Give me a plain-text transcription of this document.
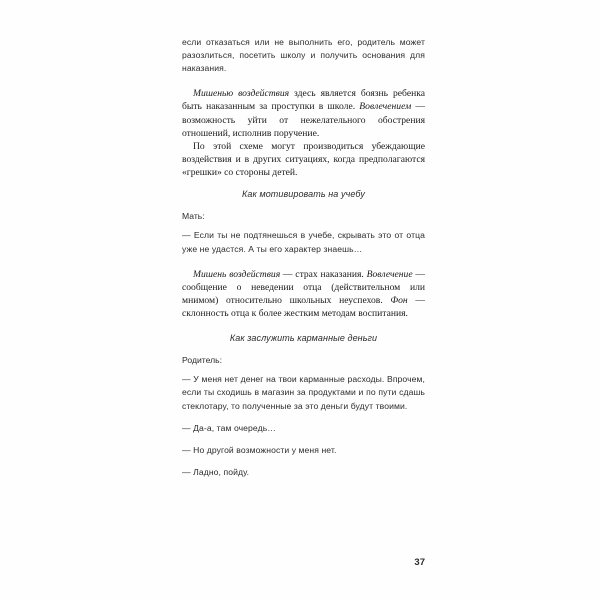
если отказаться или не выполнить его, родитель может разозлиться, посетить школу и получить основания для наказания.

Мишенью воздействия здесь является боязнь ребенка быть наказанным за проступки в школе. Вовлечением — возможность уйти от нежелательного обострения отношений, исполнив поручение.

По этой схеме могут производиться убеждающие воздействия и в других ситуациях, когда предполагаются «грешки» со стороны детей.

Как мотивировать на учебу

Мать:

— Если ты не подтянешься в учебе, скрывать это от отца уже не удастся. А ты его характер знаешь…

Мишень воздействия — страх наказания. Вовлечение — сообщение о неведении отца (действительном или мнимом) относительно школьных неуспехов. Фон — склонность отца к более жестким методам воспитания.

Как заслужить карманные деньги

Родитель:

— У меня нет денег на твои карманные расходы. Впрочем, если ты сходишь в магазин за продуктами и по пути сдашь стеклотару, то полученные за это деньги будут твоими.

— Да-а, там очередь…

— Но другой возможности у меня нет.

— Ладно, пойду.

37
